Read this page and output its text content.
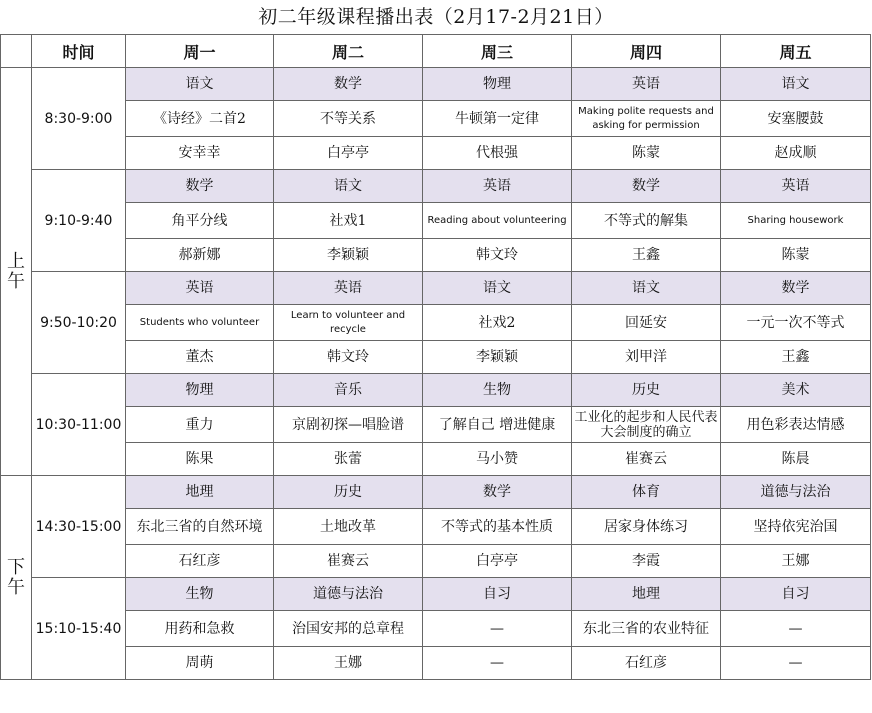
初二年级课程播出表（2月17-2月21日）
	时间	周一	周二	周三	周四	周五

上
午	8:30-9:00	语文	数学	物理	英语	语文
		《诗经》二首2	不等关系	牛顿第一定律	Making polite requests and asking for permission	安塞腰鼓
		安幸幸	白亭亭	代根强	陈蒙	赵成顺
	9:10-9:40	数学	语文	英语	数学	英语
		角平分线	社戏1	Reading about volunteering	不等式的解集	Sharing housework
		郝新娜	李颖颖	韩文玲	王鑫	陈蒙
	9:50-10:20	英语	英语	语文	语文	数学
		Students who volunteer	Learn to volunteer and recycle	社戏2	回延安	一元一次不等式
		董杰	韩文玲	李颖颖	刘甲洋	王鑫
	10:30-11:00	物理	音乐	生物	历史	美术
		重力	京剧初探—唱脸谱	了解自己 增进健康	工业化的起步和人民代表大会制度的确立	用色彩表达情感
		陈果	张蕾	马小赞	崔赛云	陈晨

下
午	14:30-15:00	地理	历史	数学	体育	道德与法治
		东北三省的自然环境	土地改革	不等式的基本性质	居家身体练习	坚持依宪治国
		石红彦	崔赛云	白亭亭	李霞	王娜
	15:10-15:40	生物	道德与法治	自习	地理	自习
		用药和急救	治国安邦的总章程	—	东北三省的农业特征	—
		周萌	王娜	—	石红彦	—
